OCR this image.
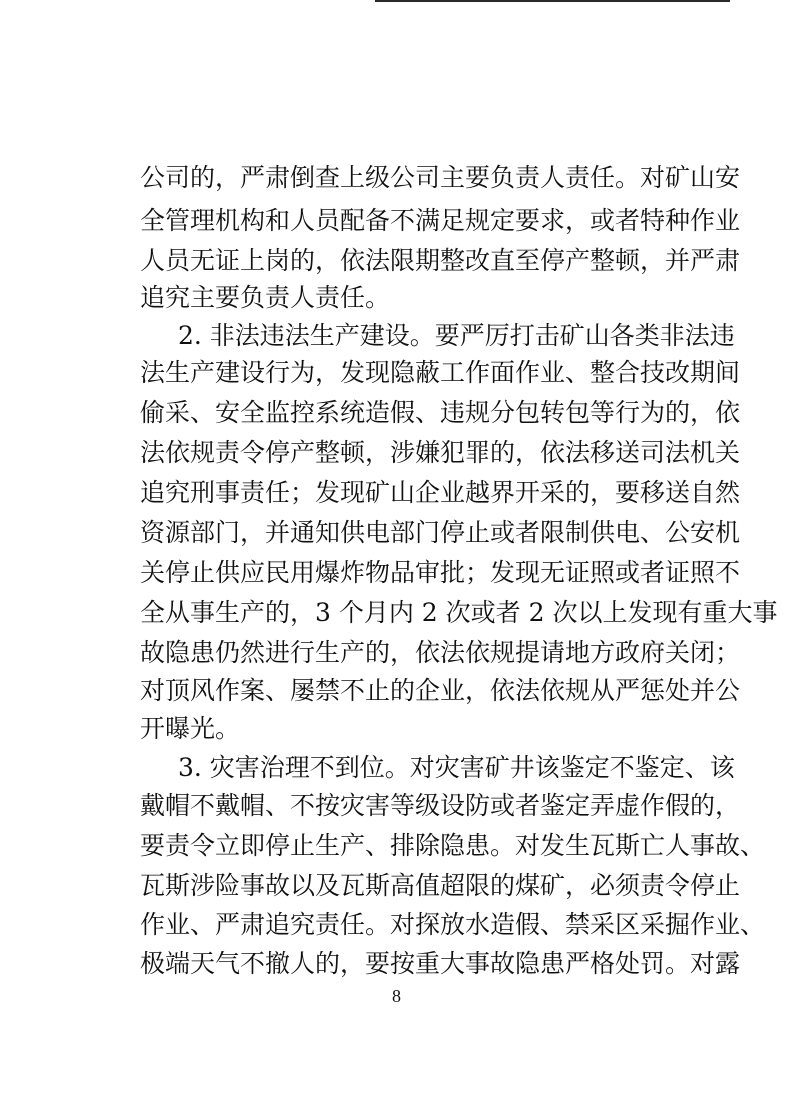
公司的，严肃倒查上级公司主要负责人责任。对矿山安
全管理机构和人员配备不满足规定要求，或者特种作业
人员无证上岗的，依法限期整改直至停产整顿，并严肃
追究主要负责人责任。
2. 非法违法生产建设。要严厉打击矿山各类非法违
法生产建设行为，发现隐蔽工作面作业、整合技改期间
偷采、安全监控系统造假、违规分包转包等行为的，依
法依规责令停产整顿，涉嫌犯罪的，依法移送司法机关
追究刑事责任；发现矿山企业越界开采的，要移送自然
资源部门，并通知供电部门停止或者限制供电、公安机
关停止供应民用爆炸物品审批；发现无证照或者证照不
全从事生产的，3 个月内 2 次或者 2 次以上发现有重大事
故隐患仍然进行生产的，依法依规提请地方政府关闭；
对顶风作案、屡禁不止的企业，依法依规从严惩处并公
开曝光。
3. 灾害治理不到位。对灾害矿井该鉴定不鉴定、该
戴帽不戴帽、不按灾害等级设防或者鉴定弄虚作假的，
要责令立即停止生产、排除隐患。对发生瓦斯亡人事故、
瓦斯涉险事故以及瓦斯高值超限的煤矿，必须责令停止
作业、严肃追究责任。对探放水造假、禁采区采掘作业、
极端天气不撤人的，要按重大事故隐患严格处罚。对露
8
